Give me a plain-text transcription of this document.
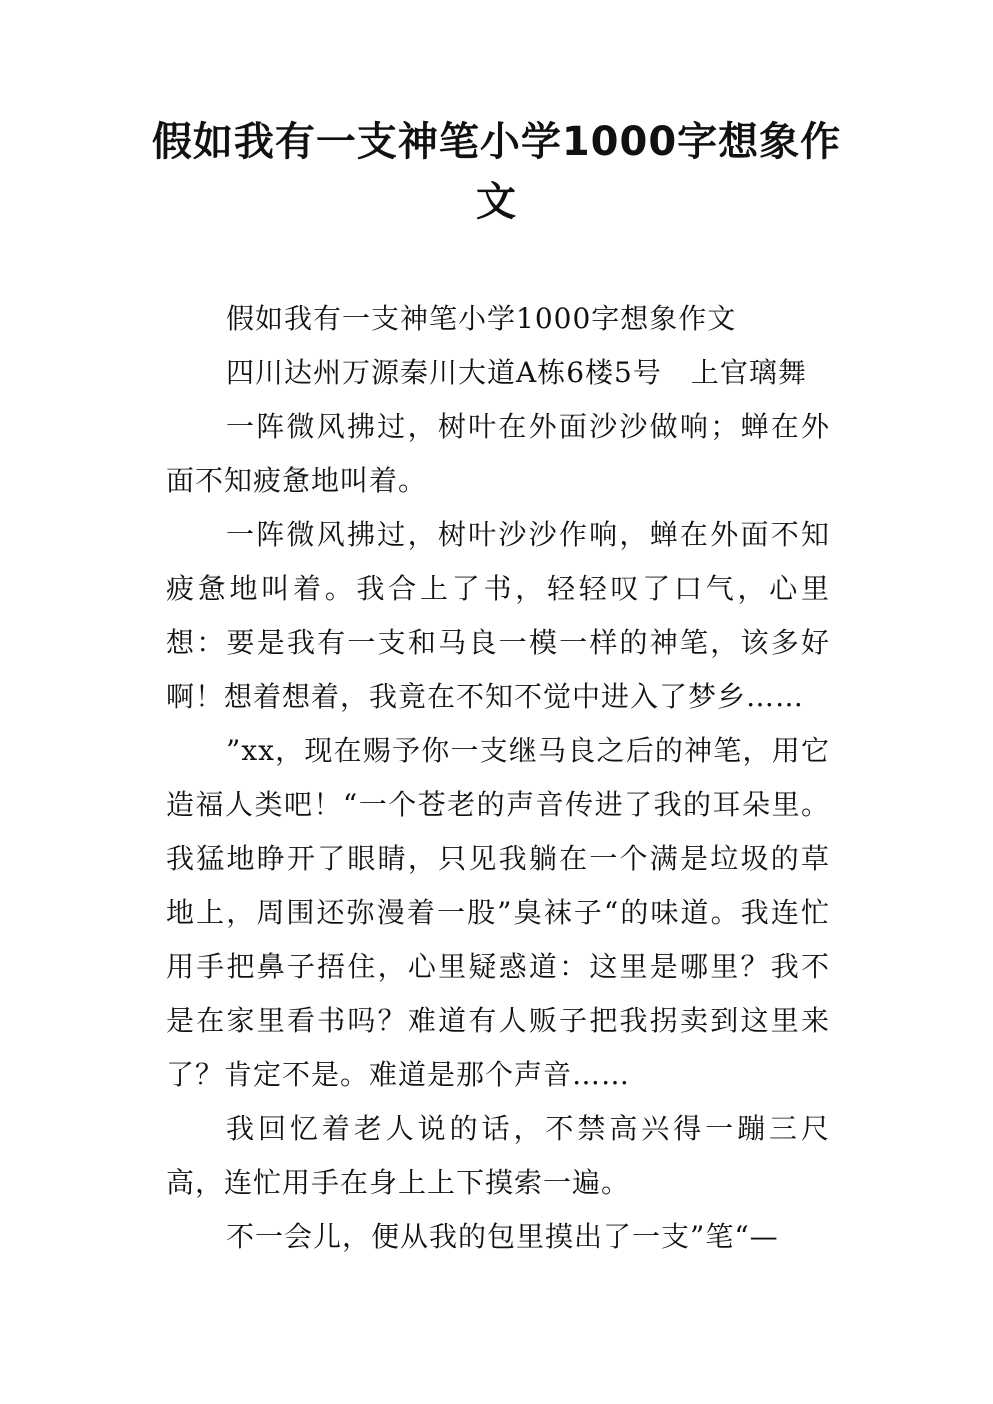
假如我有一支神笔小学1000字想象作文

假如我有一支神笔小学1000字想象作文

四川达州万源秦川大道A栋6楼5号　上官璃舞

一阵微风拂过，树叶在外面沙沙做响；蝉在外面不知疲惫地叫着。

一阵微风拂过，树叶沙沙作响，蝉在外面不知疲惫地叫着。我合上了书，轻轻叹了口气，心里想：要是我有一支和马良一模一样的神笔，该多好啊！想着想着，我竟在不知不觉中进入了梦乡……

”xx，现在赐予你一支继马良之后的神笔，用它造福人类吧！“一个苍老的声音传进了我的耳朵里。我猛地睁开了眼睛，只见我躺在一个满是垃圾的草地上，周围还弥漫着一股”臭袜子“的味道。我连忙用手把鼻子捂住，心里疑惑道：这里是哪里？我不是在家里看书吗？难道有人贩子把我拐卖到这里来了？肯定不是。难道是那个声音……

我回忆着老人说的话，不禁高兴得一蹦三尺高，连忙用手在身上上下摸索一遍。

不一会儿，便从我的包里摸出了一支”笔“—
